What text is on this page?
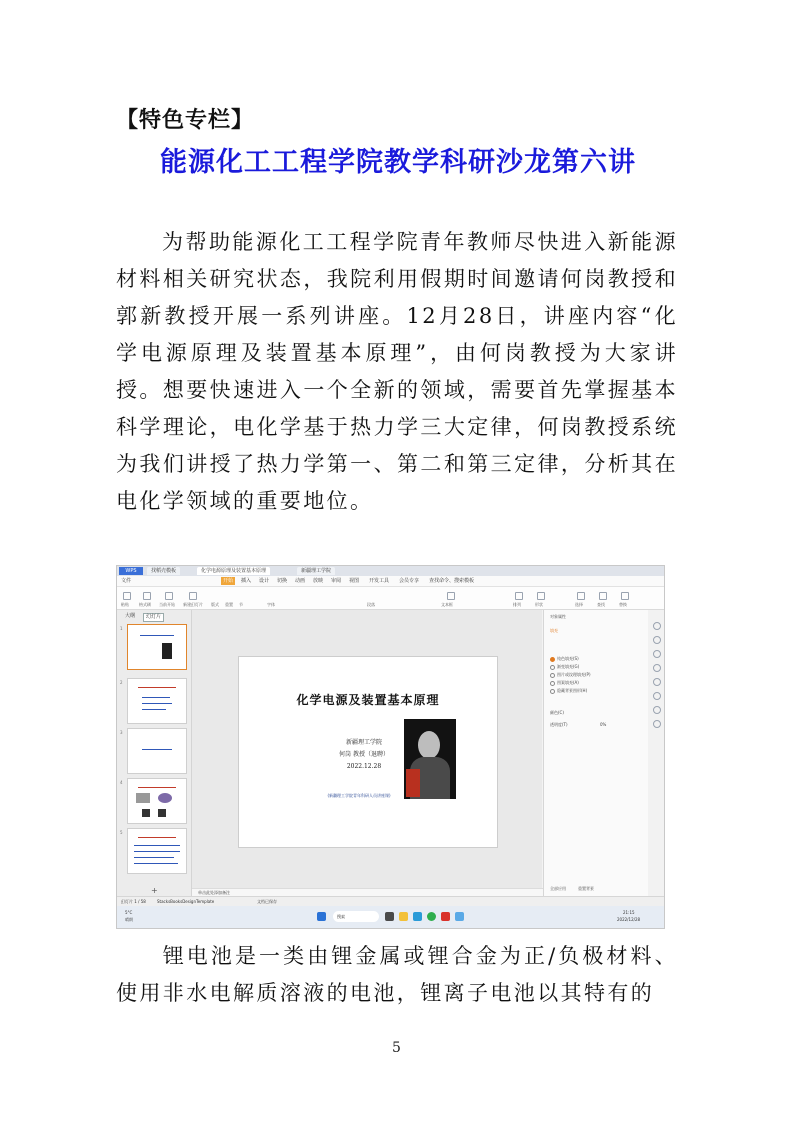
【特色专栏】
能源化工工程学院教学科研沙龙第六讲
为帮助能源化工工程学院青年教师尽快进入新能源材料相关研究状态，我院利用假期时间邀请何岗教授和郭新教授开展一系列讲座。12月28日，讲座内容“化学电源原理及装置基本原理”，由何岗教授为大家讲授。想要快速进入一个全新的领域，需要首先掌握基本科学理论，电化学基于热力学三大定律，何岗教授系统为我们讲授了热力学第一、第二和第三定律，分析其在电化学领域的重要地位。
WPS	找稻壳模板	化学电源原理及装置基本原理	新疆理工学院
文件	开始	插入 设计 切换 动画 放映 审阅 视图 开发工具 会员专享 查找命令、搜索模板
粘贴	格式刷 当前开始 新建幻灯片 版式 重置 节	字体	段落	文本框	排列	形状	选择	查找	替换
大纲	幻灯片
1
2
3
4
5
+
化学电源及装置基本原理
新疆理工学院
何岗 教授（退聘）
2022.12.28
(新疆理工学院青年科研人员讲座课)
单击此处添加备注
对象属性
填充
纯色填充(S)
渐变填充(G)
图片或纹理填充(P)
图案填充(A)
隐藏背景图形(H)
颜色(C)
透明度(T)	0%
全部应用	重置背景
幻灯片 1 / 58	StacksBooksDesignTemplate	文档已保存
5°C
晴朗
搜索
21:15
2022/12/28
锂电池是一类由锂金属或锂合金为正/负极材料、使用非水电解质溶液的电池，锂离子电池以其特有的
5
